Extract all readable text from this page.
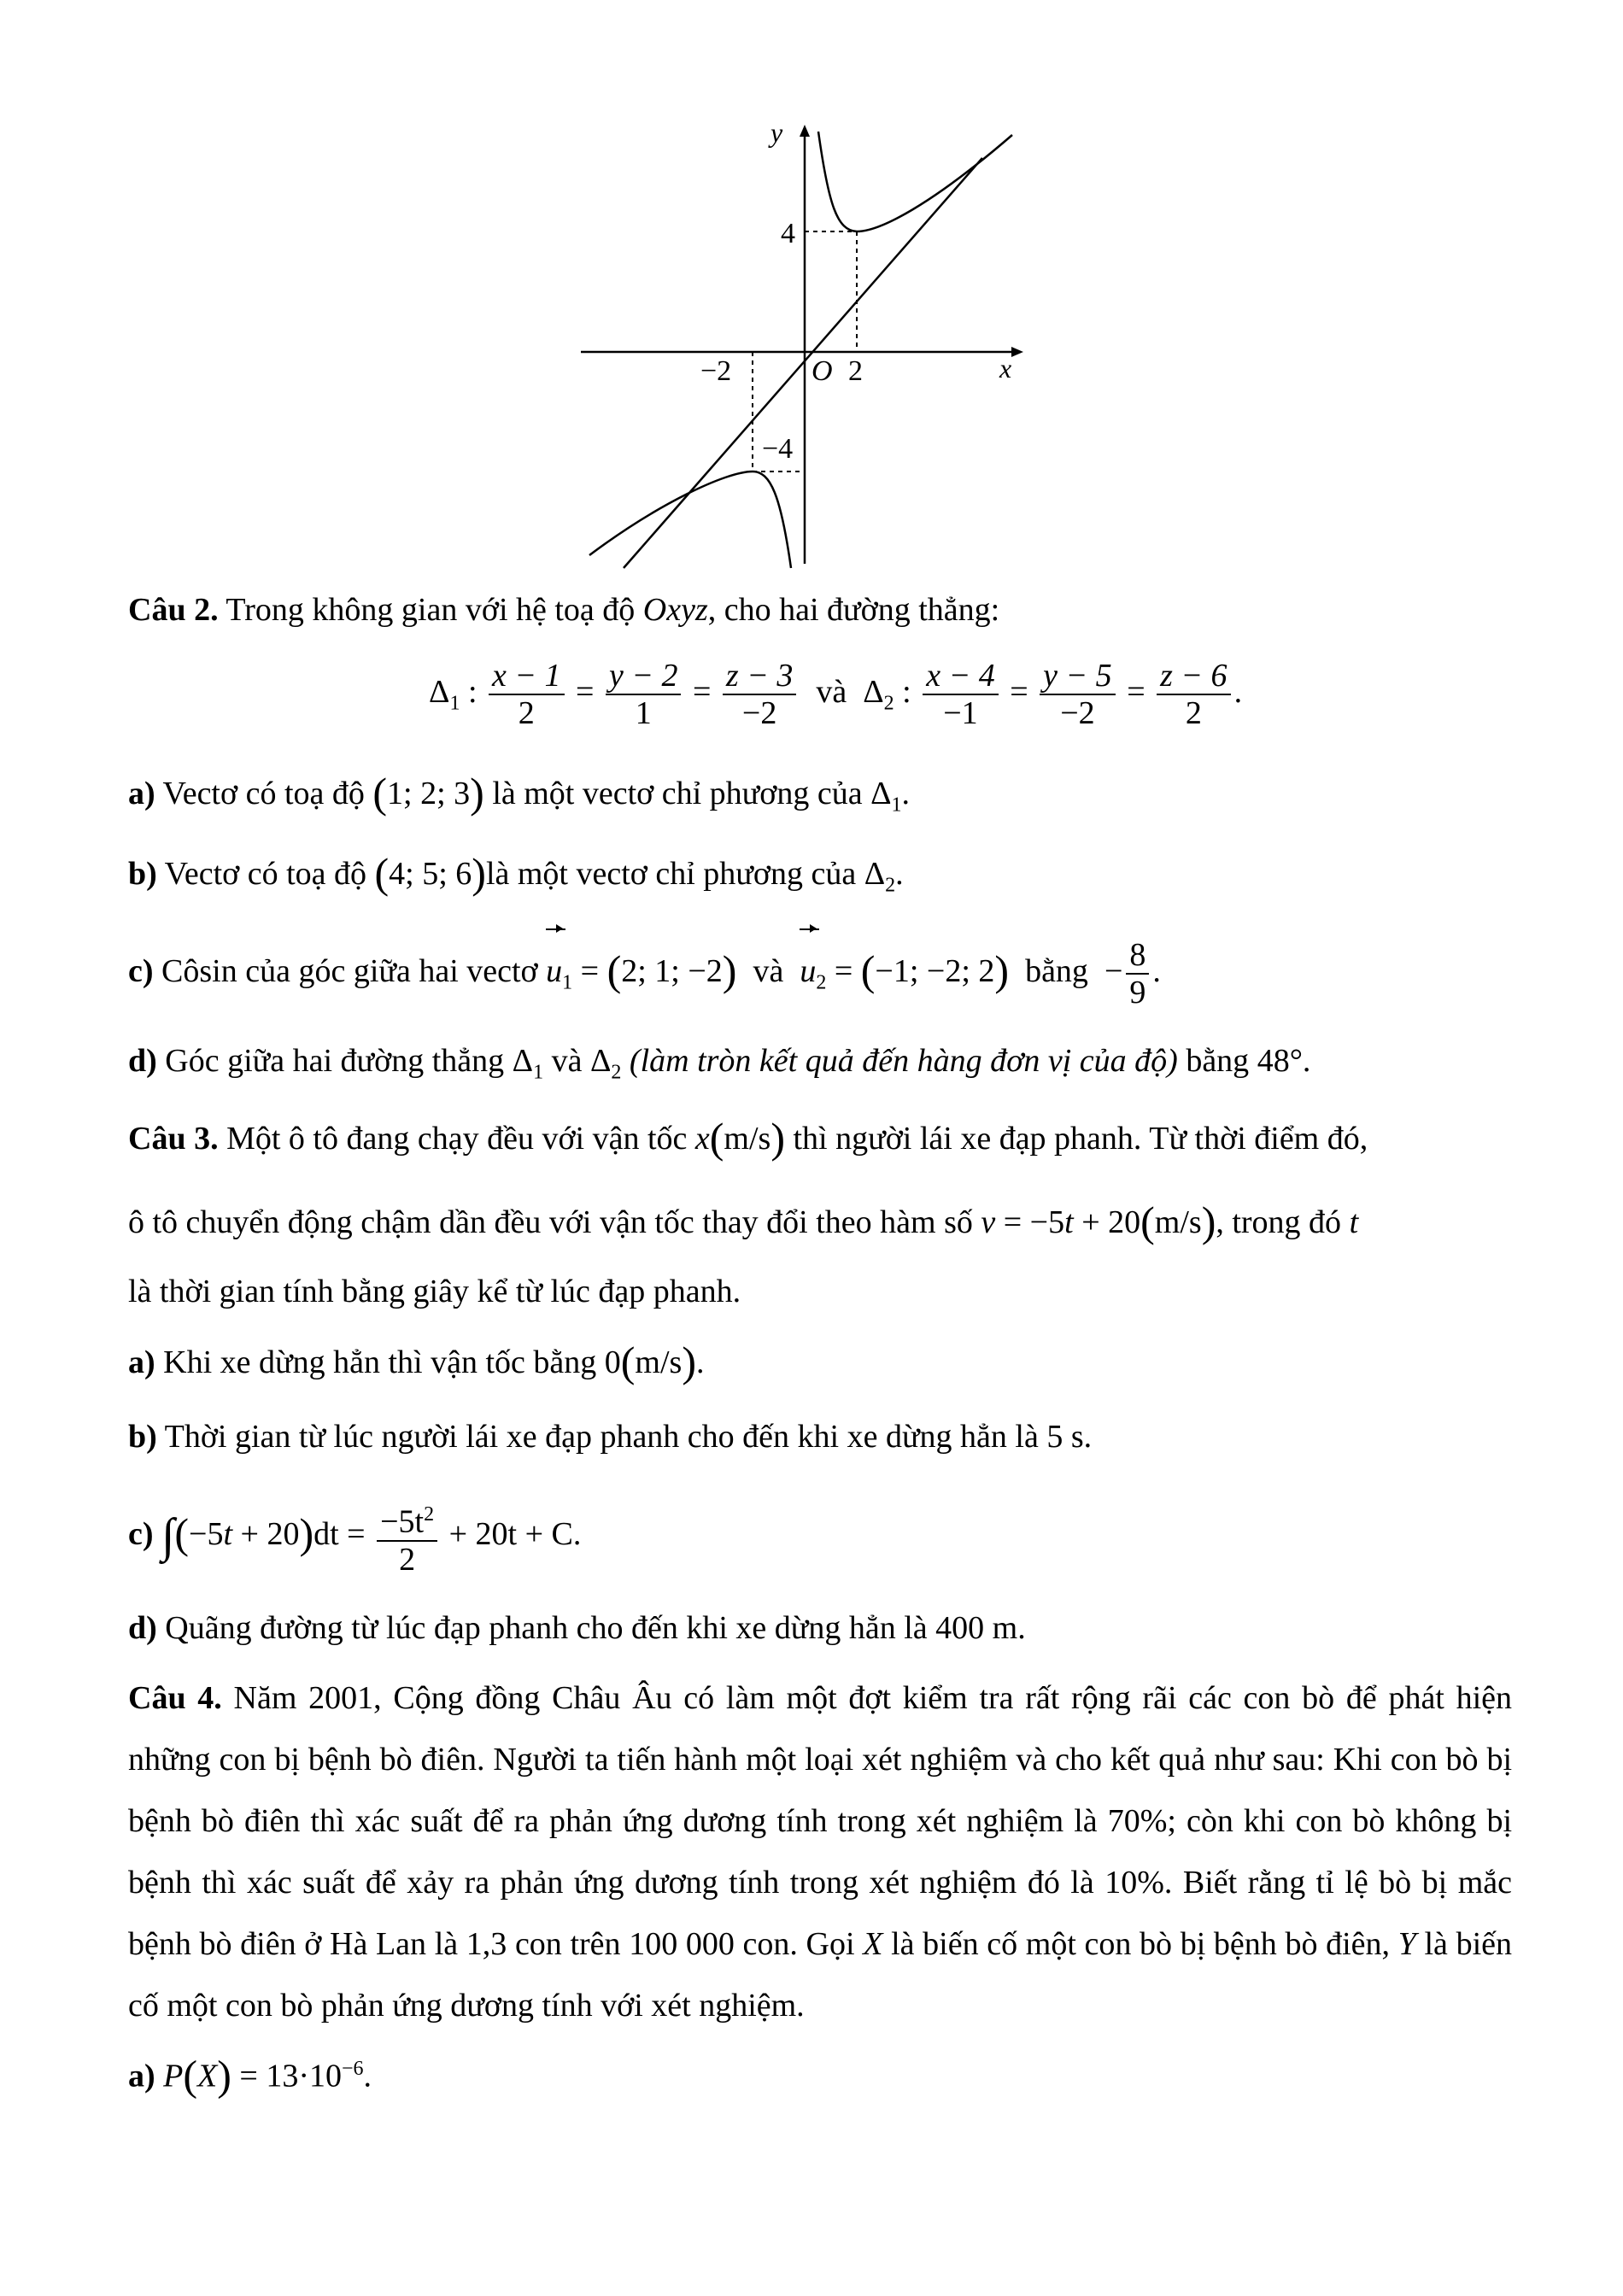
y
x
O
4
2
−2
−4
Câu 2. Trong không gian với hệ toạ độ Oxyz, cho hai đường thẳng:
$\Delta_1$ : $\frac{x - 1}{2} = \frac{y - 2}{1} = \frac{z - 3}{-2}$ và $\Delta_2$ : $\frac{x - 4}{-1} = \frac{y - 5}{-2} = \frac{z - 6}{2}$ .
a) Vectơ có toạ độ (1; 2; 3) là một vectơ chỉ phương của $\Delta_1$.
b) Vectơ có toạ độ (4; 5; 6)là một vectơ chỉ phương của $\Delta_2$.
c) Côsin của góc giữa hai vectơ $u_1 = (2$; 1; −2)  và  $u_2 = (-1$; −2; 2) bằng  − $\frac{8}{9}$ .
d) Góc giữa hai đường thẳng $\Delta_1$ và $\Delta_2$ (làm tròn kết quả đến hàng đơn vị của độ) bằng 48°.
Câu 3. Một ô tô đang chạy đều với vận tốc x(m/s) thì người lái xe đạp phanh. Từ thời điểm đó,
ô tô chuyển động chậm dần đều với vận tốc thay đổi theo hàm số v = −5t + 20(m/s), trong đó t
là thời gian tính bằng giây kể từ lúc đạp phanh.
a) Khi xe dừng hẳn thì vận tốc bằng 0(m/s).
b) Thời gian từ lúc người lái xe đạp phanh cho đến khi xe dừng hẳn là 5 s.
c) $\int(-5t + 20)dt = \frac{-5t^2}{2} + 20t + C$.
d) Quãng đường từ lúc đạp phanh cho đến khi xe dừng hẳn là 400 m.
Câu 4. Năm 2001, Cộng đồng Châu Âu có làm một đợt kiểm tra rất rộng rãi các con bò để phát hiện những con bị bệnh bò điên. Người ta tiến hành một loại xét nghiệm và cho kết quả như sau: Khi con bò bị bệnh bò điên thì xác suất để ra phản ứng dương tính trong xét nghiệm là 70%; còn khi con bò không bị bệnh thì xác suất để xảy ra phản ứng dương tính trong xét nghiệm đó là 10%. Biết rằng tỉ lệ bò bị mắc bệnh bò điên ở Hà Lan là 1,3 con trên 100 000 con. Gọi X là biến cố một con bò bị bệnh bò điên, Y là biến cố một con bò phản ứng dương tính với xét nghiệm.
a) $P(X) = 13\cdot 10^{-6}$.
